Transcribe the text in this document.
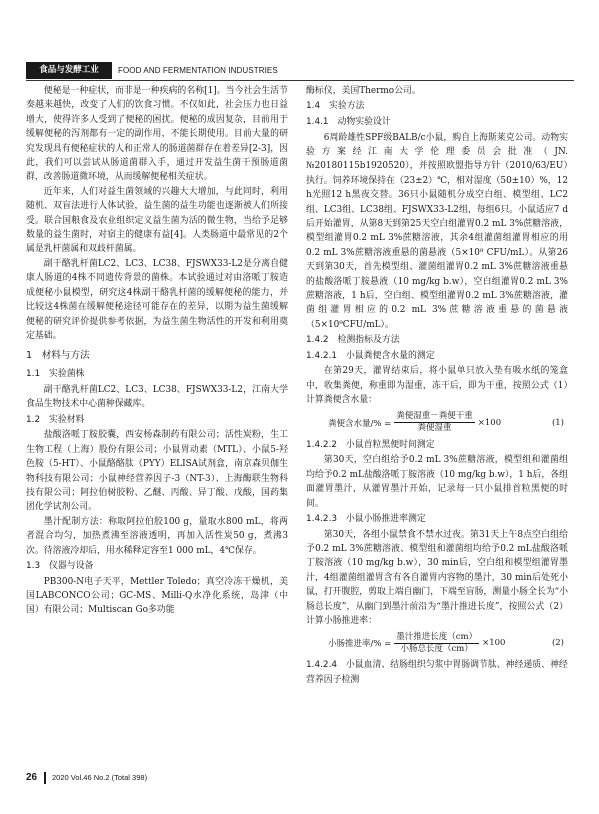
食品与发酵工业	FOOD AND FERMENTATION INDUSTRIES

便秘是一种症状，而非是一种疾病的名称[1]。当今社会生活节奏越来越快，改变了人们的饮食习惯。不仅如此，社会压力也日益增大，使得许多人受到了便秘的困扰。便秘的成因复杂，目前用于缓解便秘的泻剂都有一定的副作用，不能长期使用。目前大量的研究发现具有便秘症状的人和正常人的肠道菌群存在着差异[2-3]，因此，我们可以尝试从肠道菌群入手，通过开发益生菌干预肠道菌群，改善肠道微环境，从而缓解便秘相关症状。

近年来，人们对益生菌领域的兴趣大大增加，与此同时，利用随机、双盲法进行人体试验，益生菌的益生功能也逐渐被人们所接受。联合国粮食及农业组织定义益生菌为活的微生物，当给予足够数量的益生菌时，对宿主的健康有益[4]。人类肠道中最常见的2个属是乳杆菌属和双歧杆菌属。

副干酪乳杆菌LC2、LC3、LC38、FJSWX33-L2是分离自健康人肠道的4株不同遗传背景的菌株。本试验通过对由洛哌丁胺造成便秘小鼠模型，研究这4株副干酪乳杆菌的缓解便秘的能力，并比较这4株菌在缓解便秘途径可能存在的差异，以期为益生菌缓解便秘的研究评价提供参考依据，为益生菌生物活性的开发和利用奠定基础。

1　材料与方法
1.1　实验菌株

副干酪乳杆菌LC2、LC3、LC38、FJSWX33-L2，江南大学食品生物技术中心菌种保藏库。

1.2　实验材料

盐酸洛哌丁胺胶囊，西安杨森制药有限公司；活性炭粉，生工生物工程（上海）股份有限公司；小鼠胃动素（MTL）、小鼠5-羟色胺（5-HT）、小鼠酪酪肽（PYY）ELISA试剂盒，南京森贝伽生物科技有限公司；小鼠神经营养因子-3（NT-3）、上海酶联生物科技有限公司；阿拉伯树胶粉、乙醚、丙酸、异丁酸、戊酸，国药集团化学试剂公司。

墨汁配制方法：称取阿拉伯胶100 g，量取水800 mL，将两者混合均匀，加热煮沸至溶液透明，再加入活性炭50 g，煮沸3次。待溶液冷却后，用水稀释定容至1 000 mL，4℃保存。

1.3　仪器与设备

PB300-N电子天平，Mettler Toledo；真空冷冻干燥机，美国LABCONCO公司；GC-MS、Milli-Q水净化系统，岛津（中国）有限公司；Multiscan Go多功能

酶标仪，美国Thermo公司。

1.4　实验方法
1.4.1　动物实验设计

6周龄雄性SPF级BALB/c小鼠，购自上海斯莱克公司。动物实验方案经江南大学伦理委员会批准（JN. №20180115b1920520），并按照欧盟指导方针（2010/63/EU）执行。饲养环境保持在（23±2）℃，相对湿度（50±10）%，12 h光照12 h黑夜交替。36只小鼠随机分成空白组、模型组、LC2组、LC3组、LC38组、FJSWX33-L2组，每组6只。小鼠适应7 d后开始灌胃，从第8天到第25天空白组灌胃0.2 mL 3%蔗糖溶液，模型组灌胃0.2 mL 3%蔗糖溶液，其余4组灌菌组灌胃相应的用0.2 mL 3%蔗糖溶液重悬的菌悬液（5×10⁹ CFU/mL）。从第26天到第30天，首先模型组、灌菌组灌胃0.2 mL 3%蔗糖溶液重悬的盐酸洛哌丁胺悬液（10 mg/kg b.w），空白组灌胃0.2 mL 3%蔗糖溶液，1 h后，空白组、模型组灌胃0.2 mL 3%蔗糖溶液，灌菌组灌胃相应的0.2 mL 3%蔗糖溶液重悬的菌悬液（5×10⁹CFU/mL）。

1.4.2　检测指标及方法
1.4.2.1　小鼠粪便含水量的测定

在第29天，灌胃结束后，将小鼠单只放入垫有吸水纸的笼盒中，收集粪便，称重即为湿重，冻干后，即为干重，按照公式（1）计算粪便含水量：

粪便含水量/% = $\frac{\text{粪便湿重－粪便干重}}{\text{粪便湿重}} \times 100$	(1)
1.4.2.2　小鼠首粒黑便时间测定

第30天，空白组给予0.2 mL 3%蔗糖溶液，模型组和灌菌组均给予0.2 mL盐酸洛哌丁胺溶液（10 mg/kg b.w），1 h后，各组面灌胃墨汁，从灌胃墨汁开始，记录每一只小鼠排首粒黑便的时间。

1.4.2.3　小鼠小肠推进率测定

第30天，各组小鼠禁食不禁水过夜。第31天上午8点空白组给予0.2 mL 3%蔗糖溶液、模型组和灌菌组均给予0.2 mL盐酸洛哌丁胺溶液（10 mg/kg b.w），30 min后，空白组和模型组灌胃墨汁，4组灌菌组灌胃含有各自灌胃内容物的墨汁，30 min后处死小鼠，打开腹腔，剪取上端自幽门，下端至盲肠，测量小肠全长为“小肠总长度”，从幽门到墨汁前沿为“墨汁推进长度”，按照公式（2）计算小肠推进率：

小肠推进率/% = $\frac{\text{墨汁推进长度（cm）}}{\text{小肠总长度（cm）}} \times 100$	(2)
1.4.2.4　小鼠血清、结肠组织匀浆中胃肠调节肽、神经递质、神经营养因子检测
26 2020 Vol.46 No.2 (Total 398)
